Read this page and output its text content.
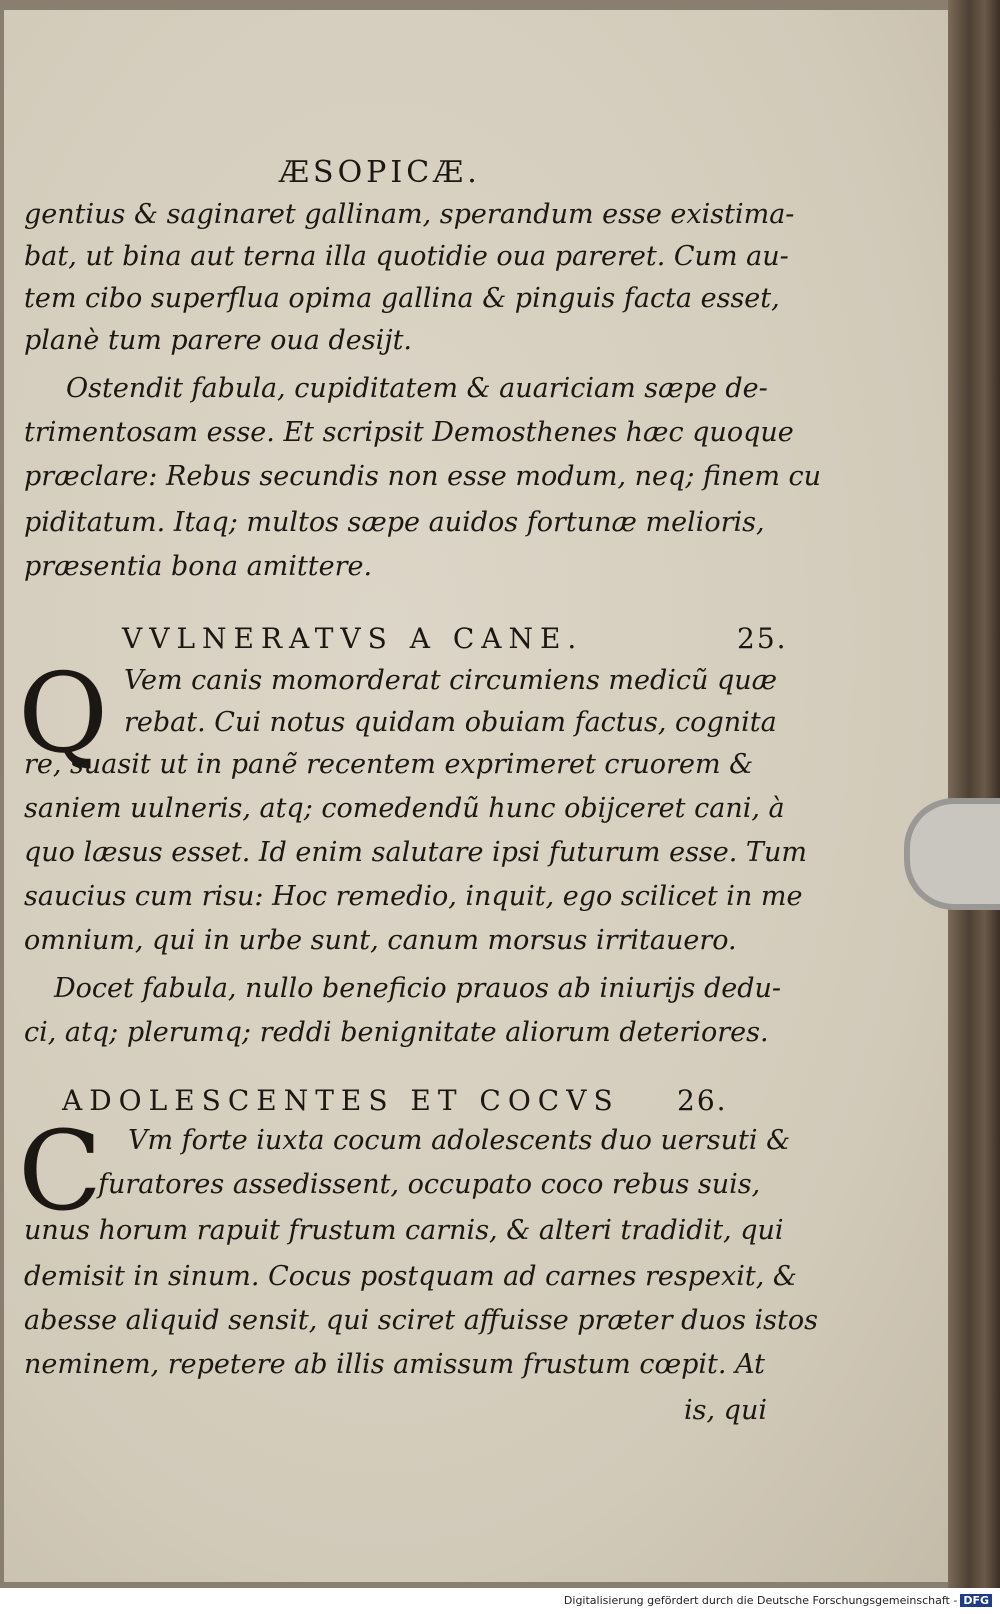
ÆSOPICÆ.
gentius & saginaret gallinam, sperandum esse existima-
bat, ut bina aut terna illa quotidie oua pareret. Cum au-
tem cibo superflua opima gallina & pinguis facta esset,
planè tum parere oua desijt.
Ostendit fabula, cupiditatem & auariciam sæpe de-
trimentosam esse. Et scripsit Demosthenes hæc quoque
præclare: Rebus secundis non esse modum, neq; finem cu
piditatum. Itaq; multos sæpe auidos fortunæ melioris,
præsentia bona amittere.
VVLNERATVS A CANE.	25.
Q Vem canis momorderat circumiens medicũ quæ
rebat. Cui notus quidam obuiam factus, cognita
re, suasit ut in panẽ recentem exprimeret cruorem &
saniem uulneris, atq; comedendũ hunc obijceret cani, à
quo læsus esset. Id enim salutare ipsi futurum esse. Tum
saucius cum risu: Hoc remedio, inquit, ego scilicet in me
omnium, qui in urbe sunt, canum morsus irritauero.
Docet fabula, nullo beneficio prauos ab iniurijs dedu-
ci, atq; plerumq; reddi benignitate aliorum deteriores.
ADOLESCENTES ET COCVS 26.
C Vm forte iuxta cocum adolescents duo uersuti &
furatores assedissent, occupato coco rebus suis,
unus horum rapuit frustum carnis, & alteri tradidit, qui
demisit in sinum. Cocus postquam ad carnes respexit, &
abesse aliquid sensit, qui sciret affuisse præter duos istos
neminem, repetere ab illis amissum frustum cœpit. At
is, qui
Digitalisierung gefördert durch die Deutsche Forschungsgemeinschaft - DFG
